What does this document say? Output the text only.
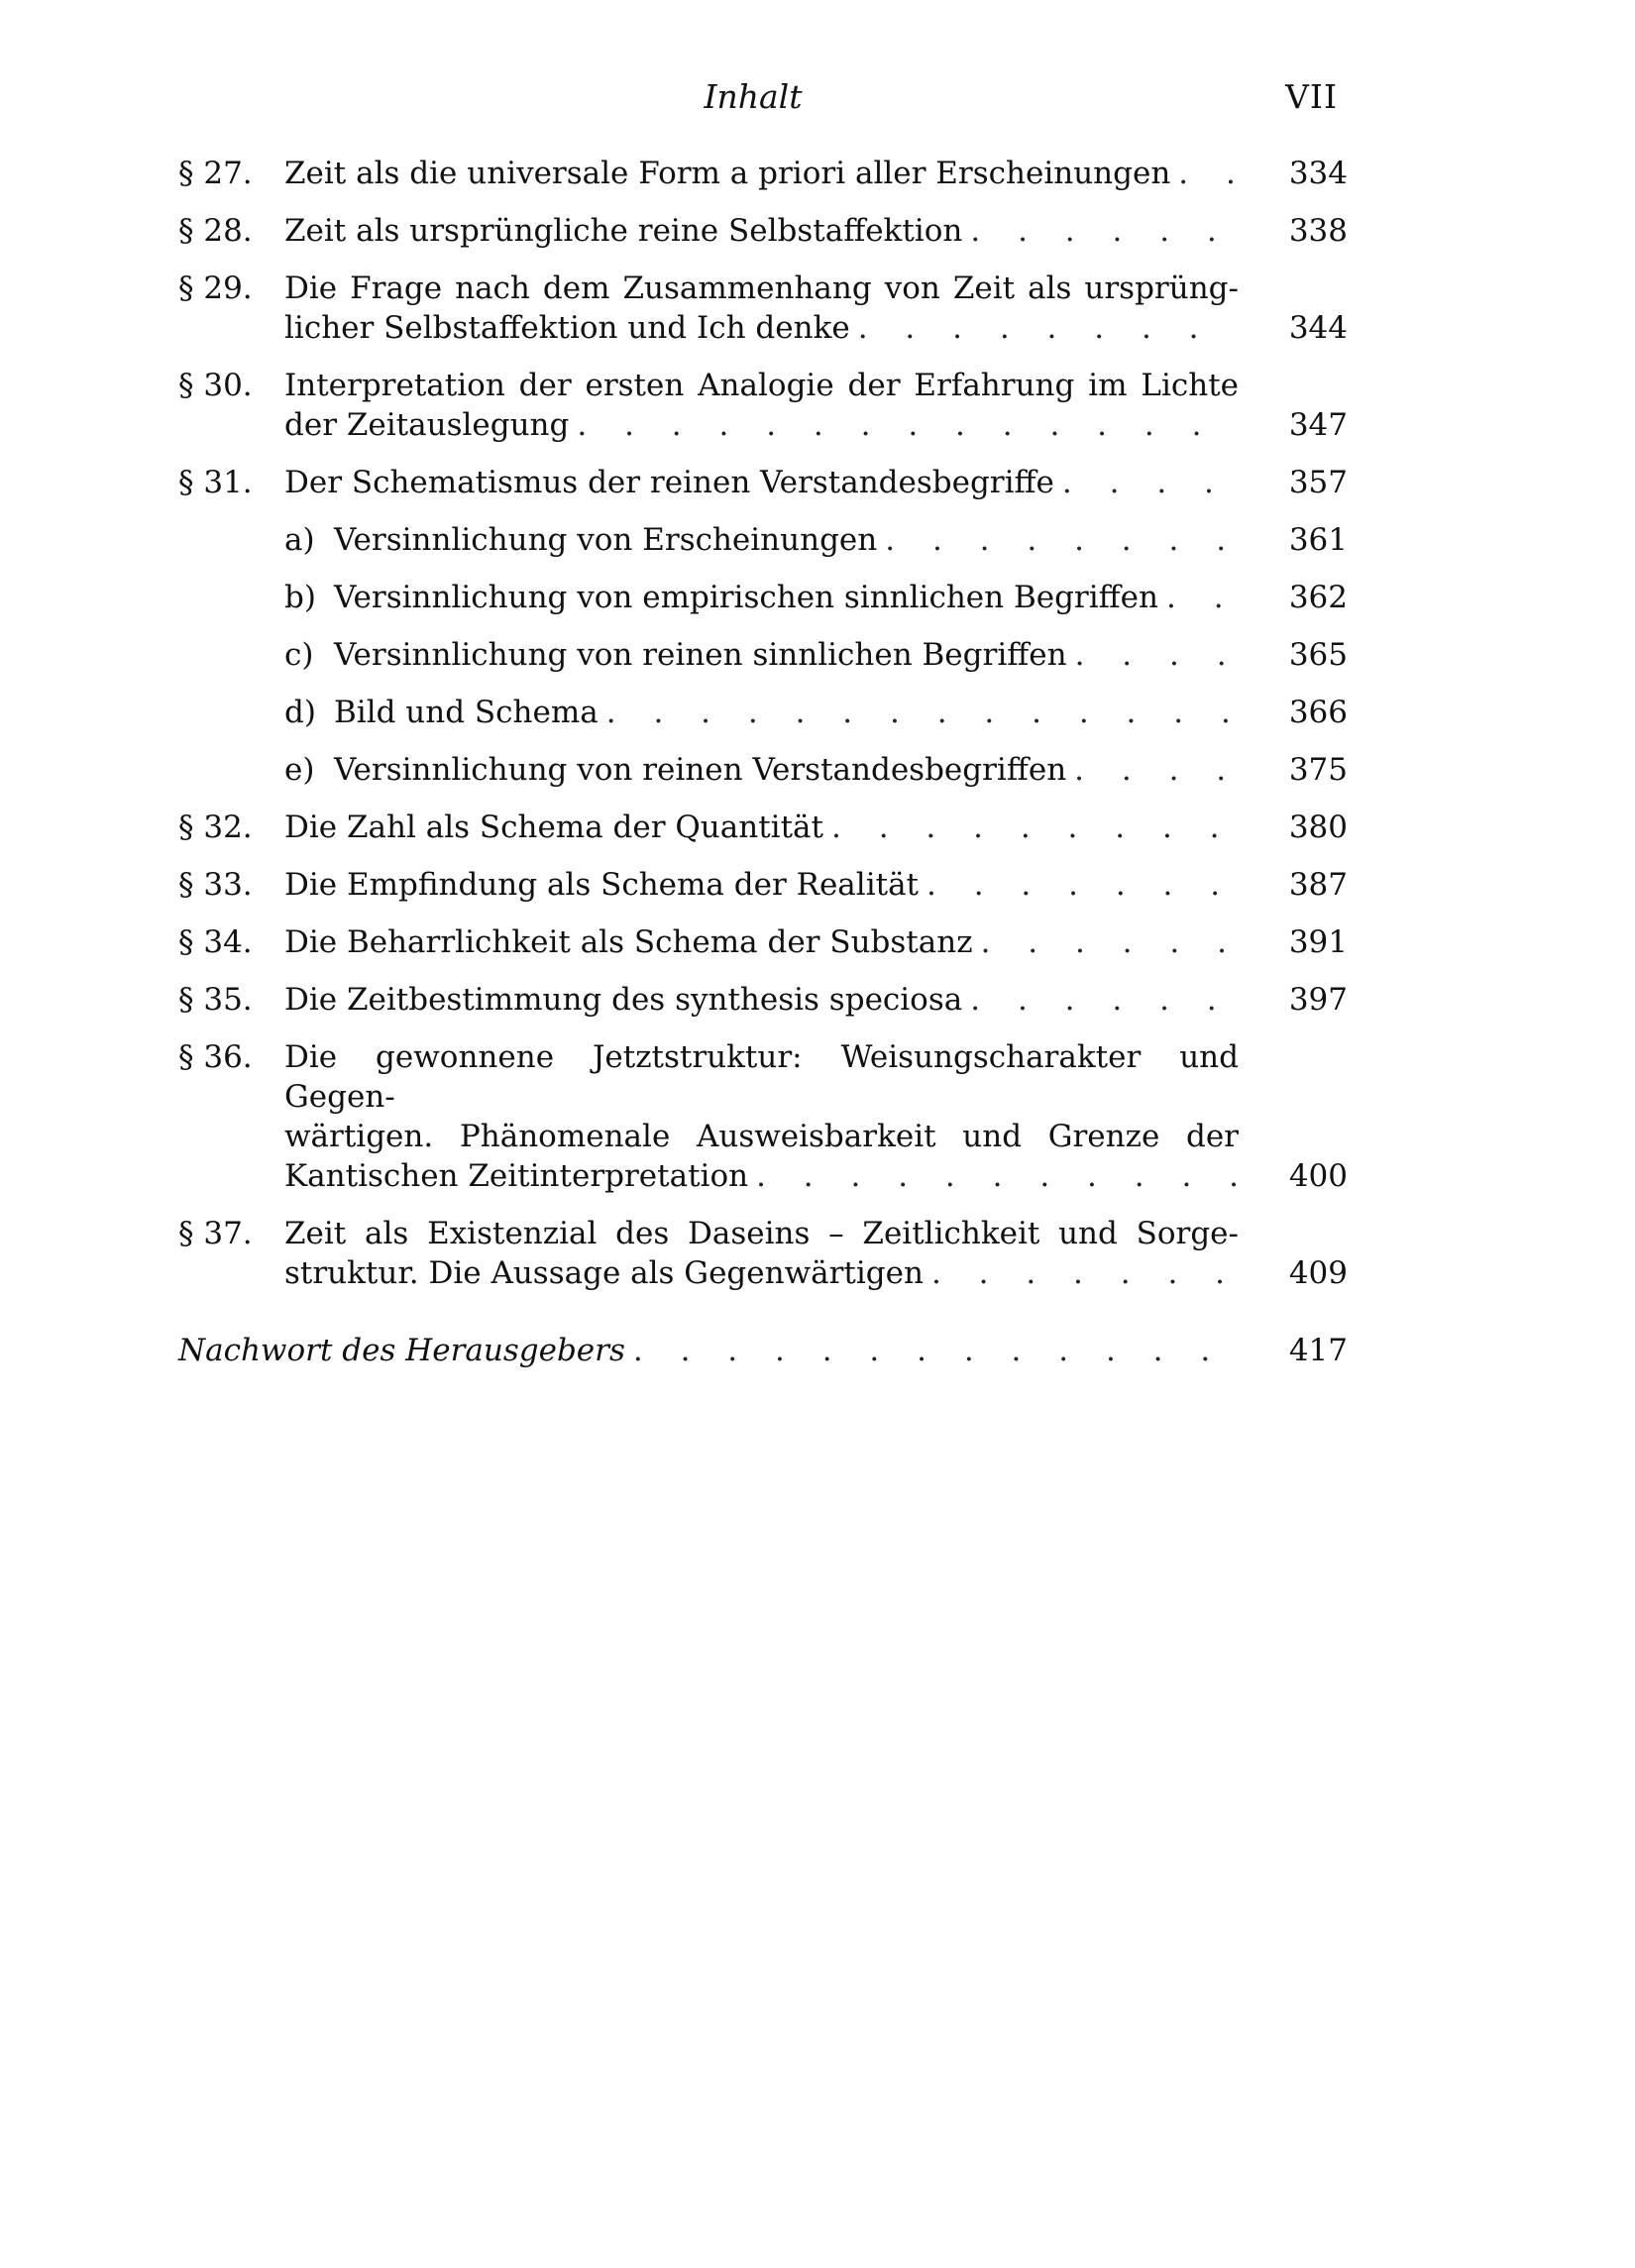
Inhalt	VII
§ 27.	Zeit als die universale Form a priori aller Erscheinungen . . .	334
§ 28.	Zeit als ursprüngliche reine Selbstaffektion . . .	338
§ 29.	Die Frage nach dem Zusammenhang von Zeit als ursprüng-
licher Selbstaffektion und Ich denke . . .	344
§ 30.	Interpretation der ersten Analogie der Erfahrung im Lichte
der Zeitauslegung . . .	347
§ 31.	Der Schematismus der reinen Verstandesbegriffe . . .	357
a) Versinnlichung von Erscheinungen . . .	361
b) Versinnlichung von empirischen sinnlichen Begriffen . . .	362
c) Versinnlichung von reinen sinnlichen Begriffen . . .	365
d) Bild und Schema . . .	366
e) Versinnlichung von reinen Verstandesbegriffen . . .	375
§ 32.	Die Zahl als Schema der Quantität . . .	380
§ 33.	Die Empfindung als Schema der Realität . . .	387
§ 34.	Die Beharrlichkeit als Schema der Substanz . . .	391
§ 35.	Die Zeitbestimmung des synthesis speciosa . . .	397
§ 36.	Die gewonnene Jetztstruktur: Weisungscharakter und Gegen-
wärtigen. Phänomenale Ausweisbarkeit und Grenze der
Kantischen Zeitinterpretation . . .	400
§ 37.	Zeit als Existenzial des Daseins – Zeitlichkeit und Sorge-
struktur. Die Aussage als Gegenwärtigen . . .	409
Nachwort des Herausgebers . . .	417
